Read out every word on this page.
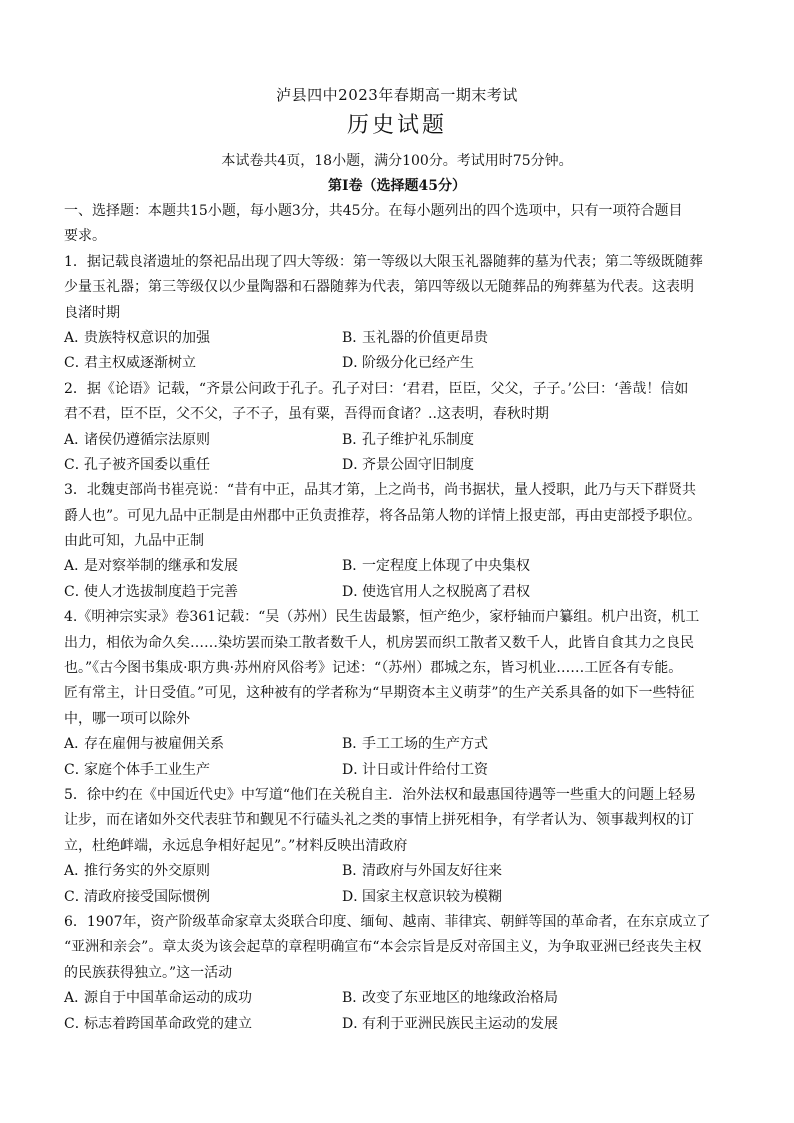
泸县四中2023年春期高一期末考试
历史试题
本试卷共4页，18小题，满分100分。考试用时75分钟。
第Ⅰ卷（选择题45分）
一、选择题：本题共15小题，每小题3分，共45分。在每小题列出的四个选项中，只有一项符合题目
要求。
1．据记载良渚遗址的祭祀品出现了四大等级：第一等级以大限玉礼器随葬的墓为代表；第二等级既随葬
少量玉礼器；第三等级仅以少量陶器和石器随葬为代表，第四等级以无随葬品的殉葬墓为代表。这表明
良渚时期
A．贵族特权意识的加强	B．玉礼器的价值更昂贵
C．君主权威逐渐树立	D．阶级分化已经产生
2．据《论语》记载，“齐景公问政于孔子。孔子对曰：‘君君，臣臣，父父，子子。’公曰：‘善哉！信如
君不君，臣不臣，父不父，子不子，虽有粟，吾得而食诸？..这表明，春秋时期
A．诸侯仍遵循宗法原则	B．孔子维护礼乐制度
C．孔子被齐国委以重任	D．齐景公固守旧制度
3．北魏吏部尚书崔亮说：“昔有中正，品其才第，上之尚书，尚书据状，量人授职，此乃与天下群贤共
爵人也”。可见九品中正制是由州郡中正负责推荐，将各品第人物的详情上报吏部，再由吏部授予职位。
由此可知，九品中正制
A．是对察举制的继承和发展	B．一定程度上体现了中央集权
C．使人才选拔制度趋于完善	D．使选官用人之权脱离了君权
4.《明神宗实录》卷361记载：“吴（苏州）民生齿最繁，恒产绝少，家杼轴而户纂组。机户出资，机工
出力，相依为命久矣……染坊罢而染工散者数千人，机房罢而织工散者又数千人，此皆自食其力之良民
也。”《古今图书集成·职方典·苏州府风俗考》记述：“（苏州）郡城之东，皆习机业……工匠各有专能。
匠有常主，计日受值。”可见，这种被有的学者称为“早期资本主义萌芽”的生产关系具备的如下一些特征
中，哪一项可以除外
A．存在雇佣与被雇佣关系	B．手工工场的生产方式
C．家庭个体手工业生产	D．计日或计件给付工资
5．徐中约在《中国近代史》中写道“他们在关税自主．治外法权和最惠国待遇等一些重大的问题上轻易
让步，而在诸如外交代表驻节和觐见不行磕头礼之类的事情上拼死相争，有学者认为、领事裁判权的订
立，杜绝衅端，永远息争相好起见”。”材料反映出清政府
A．推行务实的外交原则	B．清政府与外国友好往来
C．清政府接受国际惯例	D．国家主权意识较为模糊
6．1907年，资产阶级革命家章太炎联合印度、缅甸、越南、菲律宾、朝鲜等国的革命者，在东京成立了
“亚洲和亲会”。章太炎为该会起草的章程明确宣布“本会宗旨是反对帝国主义，为争取亚洲已经丧失主权
的民族获得独立。”这一活动
A．源自于中国革命运动的成功	B．改变了东亚地区的地缘政治格局
C．标志着跨国革命政党的建立	D．有利于亚洲民族民主运动的发展
